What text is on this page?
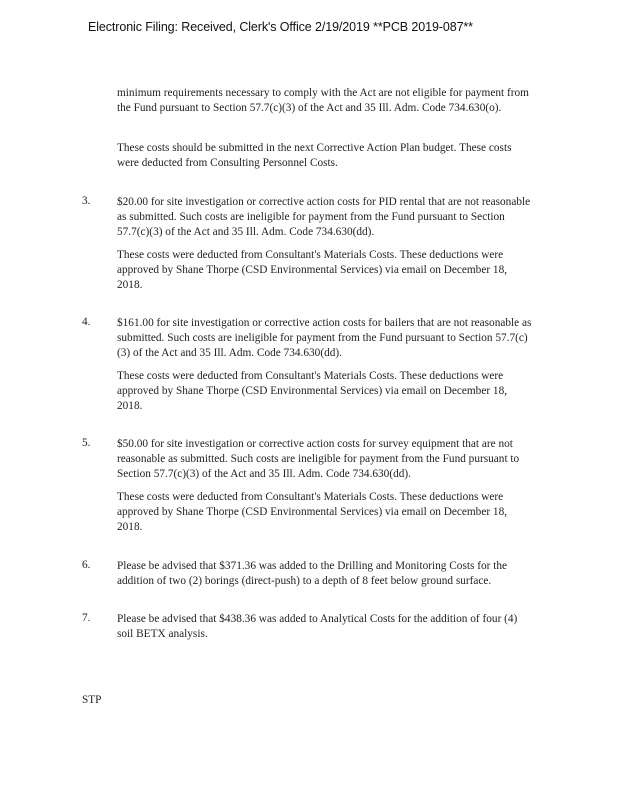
Electronic Filing: Received, Clerk's Office 2/19/2019 **PCB 2019-087**

minimum requirements necessary to comply with the Act are not eligible for payment from the Fund pursuant to Section 57.7(c)(3) of the Act and 35 Ill. Adm. Code 734.630(o).

These costs should be submitted in the next Corrective Action Plan budget. These costs were deducted from Consulting Personnel Costs.

3. $20.00 for site investigation or corrective action costs for PID rental that are not reasonable as submitted. Such costs are ineligible for payment from the Fund pursuant to Section 57.7(c)(3) of the Act and 35 Ill. Adm. Code 734.630(dd).

These costs were deducted from Consultant's Materials Costs. These deductions were approved by Shane Thorpe (CSD Environmental Services) via email on December 18, 2018.

4. $161.00 for site investigation or corrective action costs for bailers that are not reasonable as submitted. Such costs are ineligible for payment from the Fund pursuant to Section 57.7(c)(3) of the Act and 35 Ill. Adm. Code 734.630(dd).

These costs were deducted from Consultant's Materials Costs. These deductions were approved by Shane Thorpe (CSD Environmental Services) via email on December 18, 2018.

5. $50.00 for site investigation or corrective action costs for survey equipment that are not reasonable as submitted. Such costs are ineligible for payment from the Fund pursuant to Section 57.7(c)(3) of the Act and 35 Ill. Adm. Code 734.630(dd).

These costs were deducted from Consultant's Materials Costs. These deductions were approved by Shane Thorpe (CSD Environmental Services) via email on December 18, 2018.

6. Please be advised that $371.36 was added to the Drilling and Monitoring Costs for the addition of two (2) borings (direct-push) to a depth of 8 feet below ground surface.

7. Please be advised that $438.36 was added to Analytical Costs for the addition of four (4) soil BETX analysis.

STP
